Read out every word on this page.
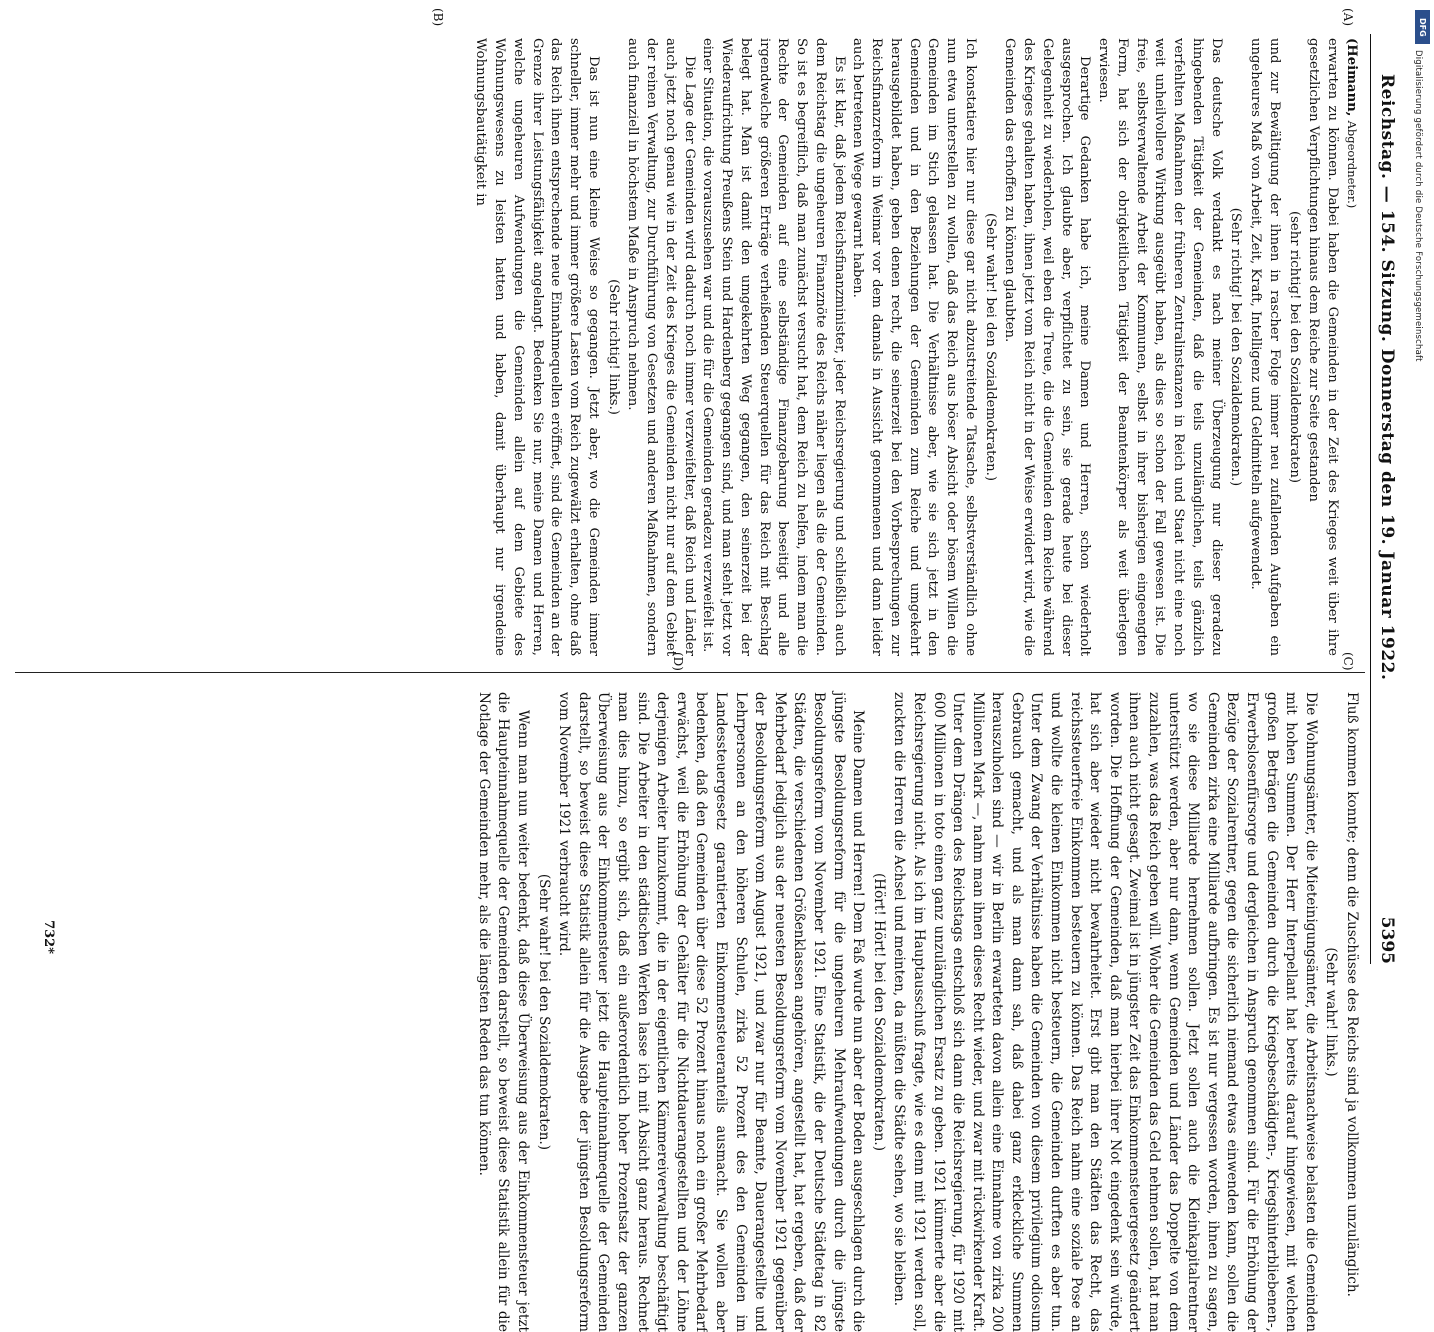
Reichstag. — 154. Sitzung. Donnerstag den 19. Januar 1922.
5395
(A)
(B)
(C)
(D)

(Heimann, Abgeordneter.)

erwarten zu können. Dabei haben die Gemeinden in der Zeit des Krieges weit über ihre gesetzlichen Verpflichtungen hinaus dem Reiche zur Seite gestanden

(sehr richtig! bei den Sozialdemokraten)

und zur Bewältigung der ihnen in rascher Folge immer neu zufallenden Aufgaben ein ungeheures Maß von Arbeit, Zeit, Kraft, Intelligenz und Geldmitteln aufgewendet.

(Sehr richtig! bei den Sozialdemokraten.)

Das deutsche Volk verdankt es nach meiner Überzeugung nur dieser geradezu hingebenden Tätigkeit der Gemeinden, daß die teils unzulänglichen, teils gänzlich verfehlten Maßnahmen der früheren Zentralinstanzen in Reich und Staat nicht eine noch weit unheilvollere Wirkung ausgeübt haben, als dies so schon der Fall gewesen ist. Die freie, selbstverwaltende Arbeit der Kommunen, selbst in ihrer bisherigen eingeengten Form, hat sich der obrigkeitlichen Tätigkeit der Beamtenkörper als weit überlegen erwiesen.

Derartige Gedanken habe ich, meine Damen und Herren, schon wiederholt ausgesprochen. Ich glaubte aber, verpflichtet zu sein, sie gerade heute bei dieser Gelegenheit zu wiederholen, weil eben die Treue, die die Gemeinden dem Reiche während des Krieges gehalten haben, ihnen jetzt vom Reich nicht in der Weise erwidert wird, wie die Gemeinden das erhoffen zu können glaubten.

(Sehr wahr! bei den Sozialdemokraten.)

Ich konstatiere hier nur diese gar nicht abzustreitende Tatsache, selbstverständlich ohne nun etwa unterstellen zu wollen, daß das Reich aus böser Absicht oder bösem Willen die Gemeinden im Stich gelassen hat. Die Verhältnisse aber, wie sie sich jetzt in den Gemeinden und in den Beziehungen der Gemeinden zum Reiche und umgekehrt herausgebildet haben, geben denen recht, die seinerzeit bei den Vorbesprechungen zur Reichsfinanzreform in Weimar vor dem damals in Aussicht genommenen und dann leider auch betretenen Wege gewarnt haben.

Es ist klar, daß jedem Reichsfinanzminister, jeder Reichsregierung und schließlich auch dem Reichstag die ungeheuren Finanznöte des Reichs näher liegen als die der Gemeinden. So ist es begreiflich, daß man zunächst versucht hat, dem Reich zu helfen, indem man die Rechte der Gemeinden auf eine selbständige Finanzgebarung beseitigt und alle irgendwelche größeren Erträge verheißenden Steuerquellen für das Reich mit Beschlag belegt hat. Man ist damit den umgekehrten Weg gegangen, den seinerzeit bei der Wiederaufrichtung Preußens Stein und Hardenberg gegangen sind, und man steht jetzt vor einer Situation, die vorauszusehen war und die für die Gemeinden geradezu verzweifelt ist.

Die Lage der Gemeinden wird dadurch noch immer verzweifelter, daß Reich und Länder auch jetzt noch genau wie in der Zeit des Krieges die Gemeinden nicht nur auf dem Gebiet der reinen Verwaltung, zur Durchführung von Gesetzen und anderen Maßnahmen, sondern auch finanziell in höchstem Maße in Anspruch nehmen.

(Sehr richtig! links.)

Das ist nun eine kleine Weise so gegangen. Jetzt aber, wo die Gemeinden immer schneller, immer mehr und immer größere Lasten vom Reich zugewälzt erhalten, ohne daß das Reich ihnen entsprechende neue Einnahmequellen eröffnet, sind die Gemeinden an der Grenze ihrer Leistungsfähigkeit angelangt. Bedenken Sie nur, meine Damen und Herren, welche ungeheuren Aufwendungen die Gemeinden allein auf dem Gebiete des Wohnungswesens zu leisten hatten und haben, damit überhaupt nur irgendeine Wohnungsbautätigkeit in

Fluß kommen konnte; denn die Zuschüsse des Reichs sind ja vollkommen unzulänglich.

(Sehr wahr! links.)

Die Wohnungsämter, die Mieteinigungsämter, die Arbeitsnachweise belasten die Gemeinden mit hohen Summen. Der Herr Interpellant hat bereits darauf hingewiesen, mit welchen großen Beträgen die Gemeinden durch die Kriegsbeschädigten-, Kriegshinterbliebenen-, Erwerbslosenfürsorge und dergleichen in Anspruch genommen sind. Für die Erhöhung der Bezüge der Sozialrentner, gegen die sicherlich niemand etwas einwenden kann, sollen die Gemeinden zirka eine Milliarde aufbringen. Es ist nur vergessen worden, ihnen zu sagen, wo sie diese Milliarde hernehmen sollen. Jetzt sollen auch die Kleinkapitalrentner unterstützt werden, aber nur dann, wenn Gemeinden und Länder das Doppelte von dem zuzahlen, was das Reich geben will. Woher die Gemeinden das Geld nehmen sollen, hat man ihnen auch nicht gesagt. Zweimal ist in jüngster Zeit das Einkommensteuergesetz geändert worden. Die Hoffnung der Gemeinden, daß man hierbei ihrer Not eingedenk sein würde, hat sich aber wieder nicht bewahrheitet. Erst gibt man den Städten das Recht, das reichssteuerfreie Einkommen besteuern zu können. Das Reich nahm eine soziale Pose an und wollte die kleinen Einkommen nicht besteuern, die Gemeinden durften es aber tun. Unter dem Zwang der Verhältnisse haben die Gemeinden von diesem privilegium odiosum Gebrauch gemacht, und als man dann sah, daß dabei ganz erkleckliche Summen herauszuholen sind — wir in Berlin erwarteten davon allein eine Einnahme von zirka 200 Millionen Mark —, nahm man ihnen dieses Recht wieder, und zwar mit rückwirkender Kraft. Unter dem Drängen des Reichstags entschloß sich dann die Reichsregierung, für 1920 mit 600 Millionen in toto einen ganz unzulänglichen Ersatz zu geben. 1921 kümmerte aber die Reichsregierung nicht. Als ich im Hauptausschuß fragte, wie es denn mit 1921 werden soll, zuckten die Herren die Achsel und meinten, da müßten die Städte sehen, wo sie bleiben.

(Hört! Hört! bei den Sozialdemokraten.)

Meine Damen und Herren! Dem Faß wurde nun aber der Boden ausgeschlagen durch die jüngste Besoldungsreform für die ungeheuren Mehraufwendungen durch die jüngste Besoldungsreform vom November 1921. Eine Statistik, die der Deutsche Städtetag in 82 Städten, die verschiedenen Größenklassen angehören, angestellt hat, hat ergeben, daß der Mehrbedarf lediglich aus der neuesten Besoldungsreform vom November 1921 gegenüber der Besoldungsreform vom August 1921, und zwar nur für Beamte, Dauerangestellte und Lehrpersonen an den höheren Schulen, zirka 52 Prozent des den Gemeinden im Landessteuergesetz garantierten Einkommensteueranteils ausmacht. Sie wollen aber bedenken, daß den Gemeinden über diese 52 Prozent hinaus noch ein großer Mehrbedarf erwächst, weil die Erhöhung der Gehälter für die Nichtdauerangestellten und der Löhne derjenigen Arbeiter hinzukommt, die in der eigentlichen Kämmereiverwaltung beschäftigt sind. Die Arbeiter in den städtischen Werken lasse ich mit Absicht ganz heraus. Rechnet man dies hinzu, so ergibt sich, daß ein außerordentlich hoher Prozentsatz der ganzen Überweisung aus der Einkommensteuer jetzt die Haupteinnahmequelle der Gemeinden darstellt, so beweist diese Statistik allein für die Ausgabe der jüngsten Besoldungsreform vom November 1921 verbraucht wird.

(Sehr wahr! bei den Sozialdemokraten.)

Wenn man nun weiter bedenkt, daß diese Überweisung aus der Einkommensteuer jetzt die Haupteinnahmequelle der Gemeinden darstellt, so beweist diese Statistik allein für die Notlage der Gemeinden mehr, als die längsten Reden das tun können.

732*
DFG
Digitalisierung gefördert durch die Deutsche Forschungsgemeinschaft
